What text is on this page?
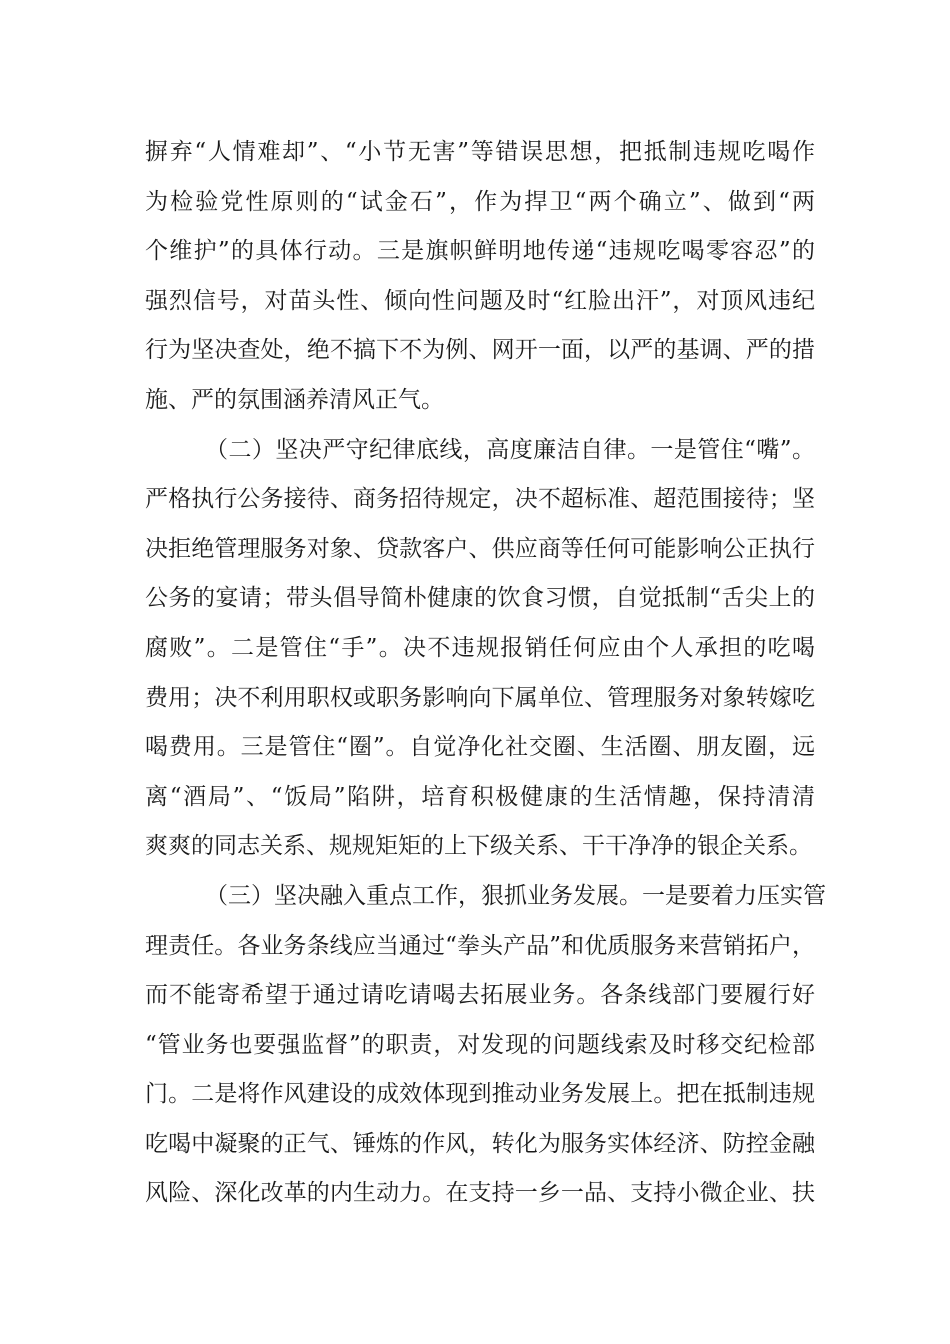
摒弃“人情难却”、“小节无害”等错误思想，把抵制违规吃喝作
为检验党性原则的“试金石”，作为捍卫“两个确立”、做到“两
个维护”的具体行动。三是旗帜鲜明地传递“违规吃喝零容忍”的
强烈信号，对苗头性、倾向性问题及时“红脸出汗”，对顶风违纪
行为坚决查处，绝不搞下不为例、网开一面，以严的基调、严的措
施、严的氛围涵养清风正气。
（二）坚决严守纪律底线，高度廉洁自律。一是管住“嘴”。
严格执行公务接待、商务招待规定，决不超标准、超范围接待；坚
决拒绝管理服务对象、贷款客户、供应商等任何可能影响公正执行
公务的宴请；带头倡导简朴健康的饮食习惯，自觉抵制“舌尖上的
腐败”。二是管住“手”。决不违规报销任何应由个人承担的吃喝
费用；决不利用职权或职务影响向下属单位、管理服务对象转嫁吃
喝费用。三是管住“圈”。自觉净化社交圈、生活圈、朋友圈，远
离“酒局”、“饭局”陷阱，培育积极健康的生活情趣，保持清清
爽爽的同志关系、规规矩矩的上下级关系、干干净净的银企关系。
（三）坚决融入重点工作，狠抓业务发展。一是要着力压实管
理责任。各业务条线应当通过“拳头产品”和优质服务来营销拓户，
而不能寄希望于通过请吃请喝去拓展业务。各条线部门要履行好
“管业务也要强监督”的职责，对发现的问题线索及时移交纪检部
门。二是将作风建设的成效体现到推动业务发展上。把在抵制违规
吃喝中凝聚的正气、锤炼的作风，转化为服务实体经济、防控金融
风险、深化改革的内生动力。在支持一乡一品、支持小微企业、扶
